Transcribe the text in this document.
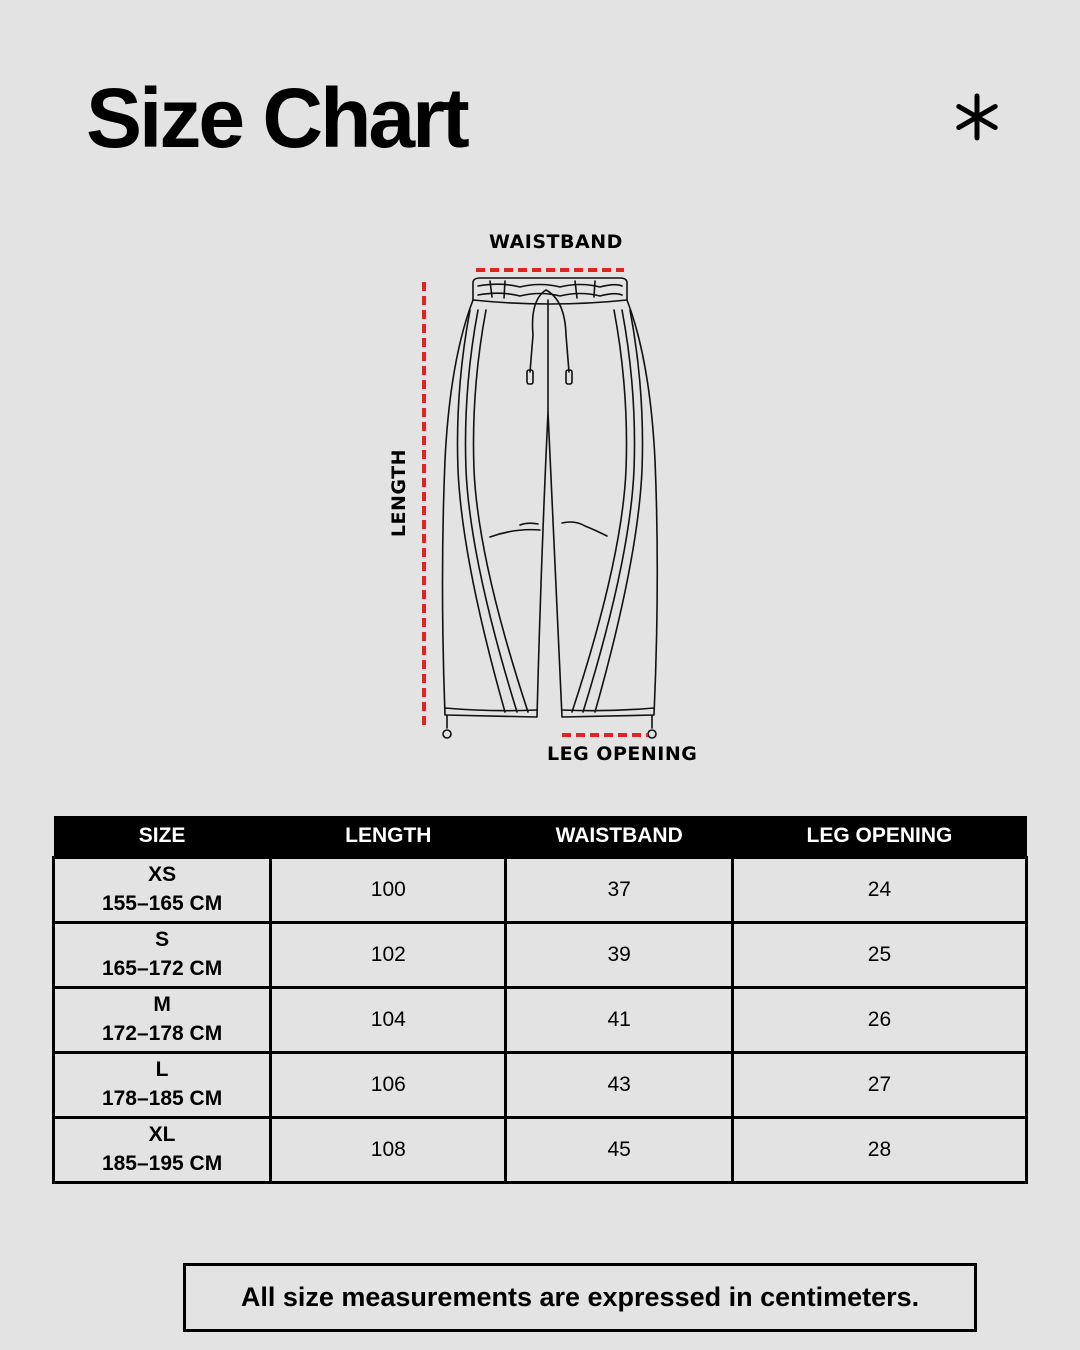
Size Chart
WAISTBAND
LENGTH
LEG OPENING
SIZE	LENGTH	WAISTBAND	LEG OPENING
XS
155–165 CM	100	37	24
S
165–172 CM	102	39	25
M
172–178 CM	104	41	26
L
178–185 CM	106	43	27
XL
185–195 CM	108	45	28
All size measurements are expressed in centimeters.
